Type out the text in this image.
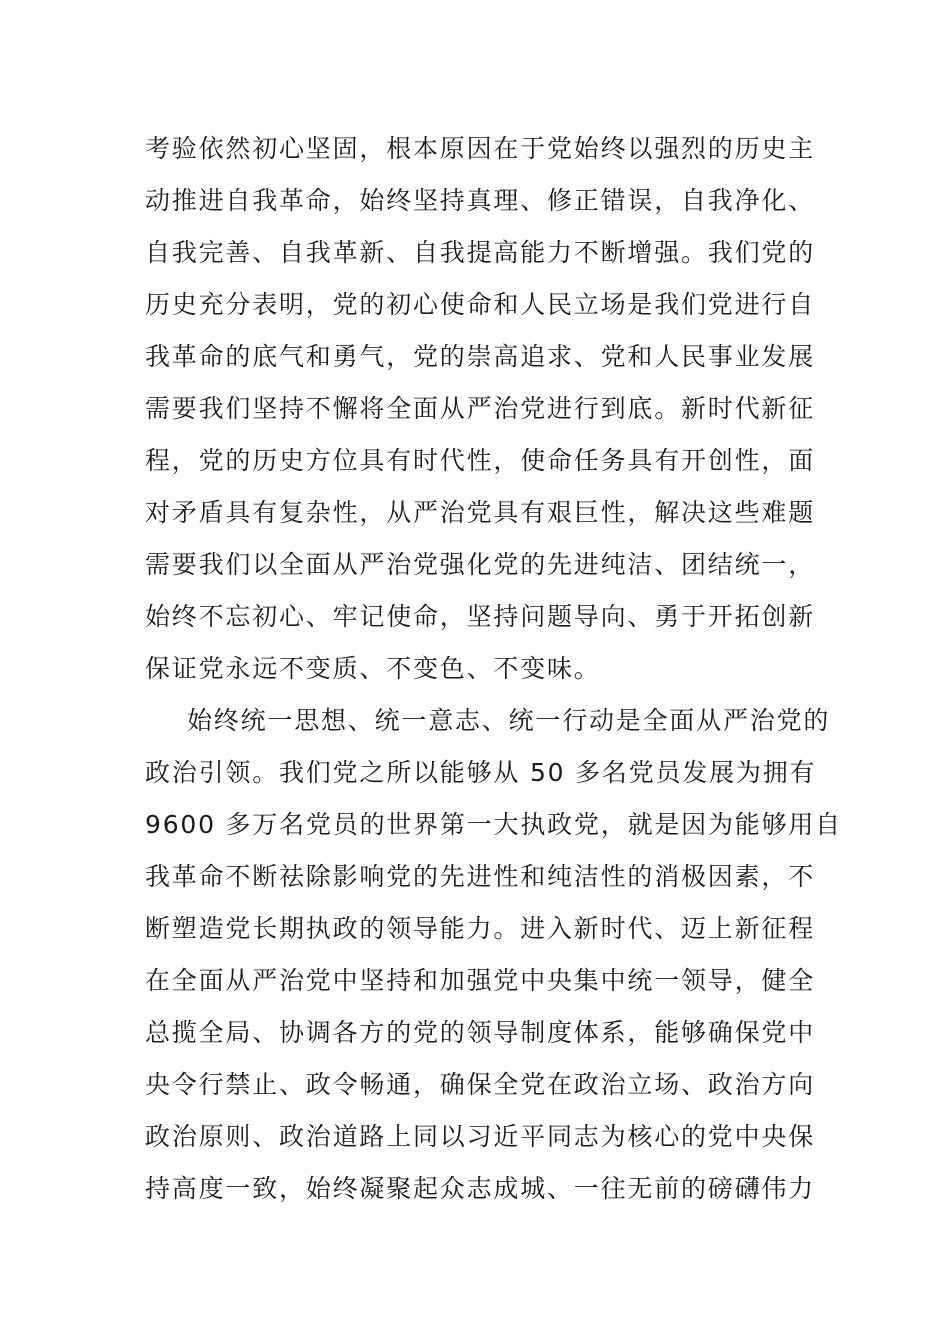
考验依然初心坚固，根本原因在于党始终以强烈的历史主
动推进自我革命，始终坚持真理、修正错误，自我净化、
自我完善、自我革新、自我提高能力不断增强。我们党的
历史充分表明，党的初心使命和人民立场是我们党进行自
我革命的底气和勇气，党的崇高追求、党和人民事业发展
需要我们坚持不懈将全面从严治党进行到底。新时代新征
程，党的历史方位具有时代性，使命任务具有开创性，面
对矛盾具有复杂性，从严治党具有艰巨性，解决这些难题
需要我们以全面从严治党强化党的先进纯洁、团结统一，
始终不忘初心、牢记使命，坚持问题导向、勇于开拓创新
保证党永远不变质、不变色、不变味。
始终统一思想、统一意志、统一行动是全面从严治党的
政治引领。我们党之所以能够从 50 多名党员发展为拥有
9600 多万名党员的世界第一大执政党，就是因为能够用自
我革命不断祛除影响党的先进性和纯洁性的消极因素，不
断塑造党长期执政的领导能力。进入新时代、迈上新征程
在全面从严治党中坚持和加强党中央集中统一领导，健全
总揽全局、协调各方的党的领导制度体系，能够确保党中
央令行禁止、政令畅通，确保全党在政治立场、政治方向
政治原则、政治道路上同以习近平同志为核心的党中央保
持高度一致，始终凝聚起众志成城、一往无前的磅礴伟力
